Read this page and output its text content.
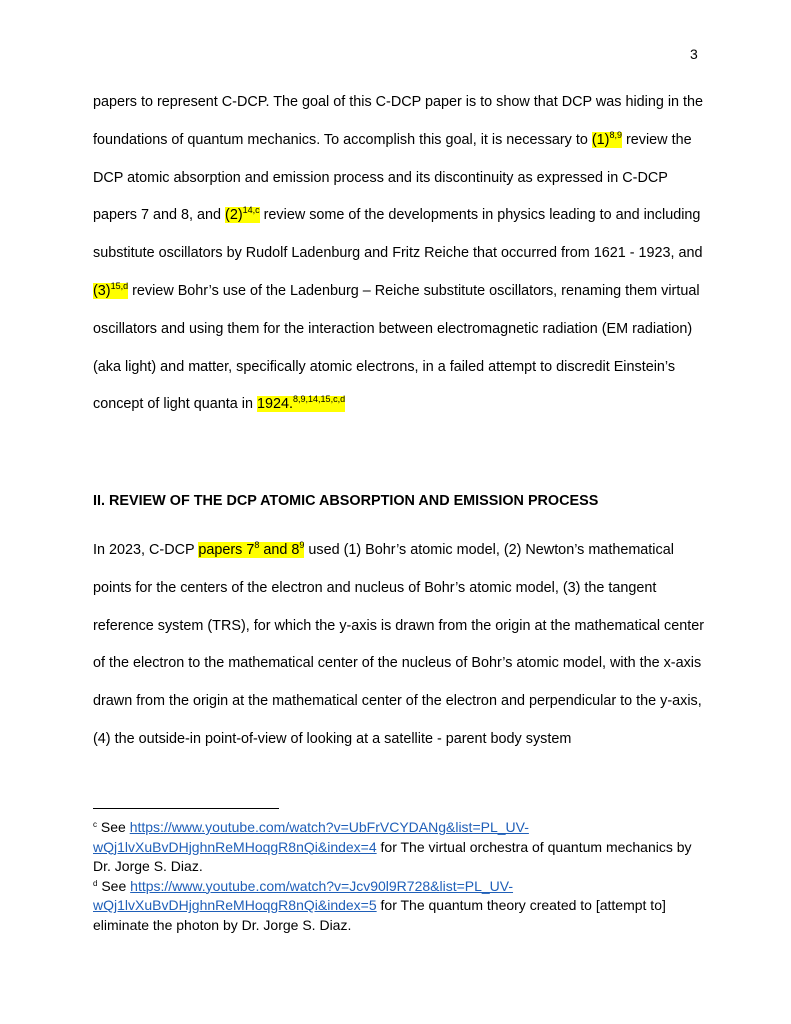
3

papers to represent C-DCP. The goal of this C-DCP paper is to show that DCP was hiding in the foundations of quantum mechanics. To accomplish this goal, it is necessary to $(1)^{8,9}$ review the DCP atomic absorption and emission process and its discontinuity as expressed in C-DCP papers 7 and 8, and $(2)^{14,c}$ review some of the developments in physics leading to and including substitute oscillators by Rudolf Ladenburg and Fritz Reiche that occurred from 1621 - 1923, and $(3)^{15,d}$ review Bohr’s use of the Ladenburg – Reiche substitute oscillators, renaming them virtual oscillators and using them for the interaction between electromagnetic radiation (EM radiation) (aka light) and matter, specifically atomic electrons, in a failed attempt to discredit Einstein’s concept of light quanta in 1924.$^{8,9,14,15,c,d}$

II. REVIEW OF THE DCP ATOMIC ABSORPTION AND EMISSION PROCESS

In 2023, C-DCP papers $7^8$ and $8^9$ used (1) Bohr’s atomic model, (2) Newton’s mathematical points for the centers of the electron and nucleus of Bohr’s atomic model, (3) the tangent reference system (TRS), for which the y-axis is drawn from the origin at the mathematical center of the electron to the mathematical center of the nucleus of Bohr’s atomic model, with the x-axis drawn from the origin at the mathematical center of the electron and perpendicular to the y-axis, (4) the outside-in point-of-view of looking at a satellite - parent body system

$^c$ See https://www.youtube.com/watch?v=UbFrVCYDANg&list=PL_UV-
wQj1lvXuBvDHjghnReMHoqgR8nQi&index=4 for The virtual orchestra of quantum mechanics by Dr. Jorge S. Diaz.

$^d$ See https://www.youtube.com/watch?v=Jcv90l9R728&list=PL_UV-
wQj1lvXuBvDHjghnReMHoqgR8nQi&index=5 for The quantum theory created to [attempt to] eliminate the photon by Dr. Jorge S. Diaz.
